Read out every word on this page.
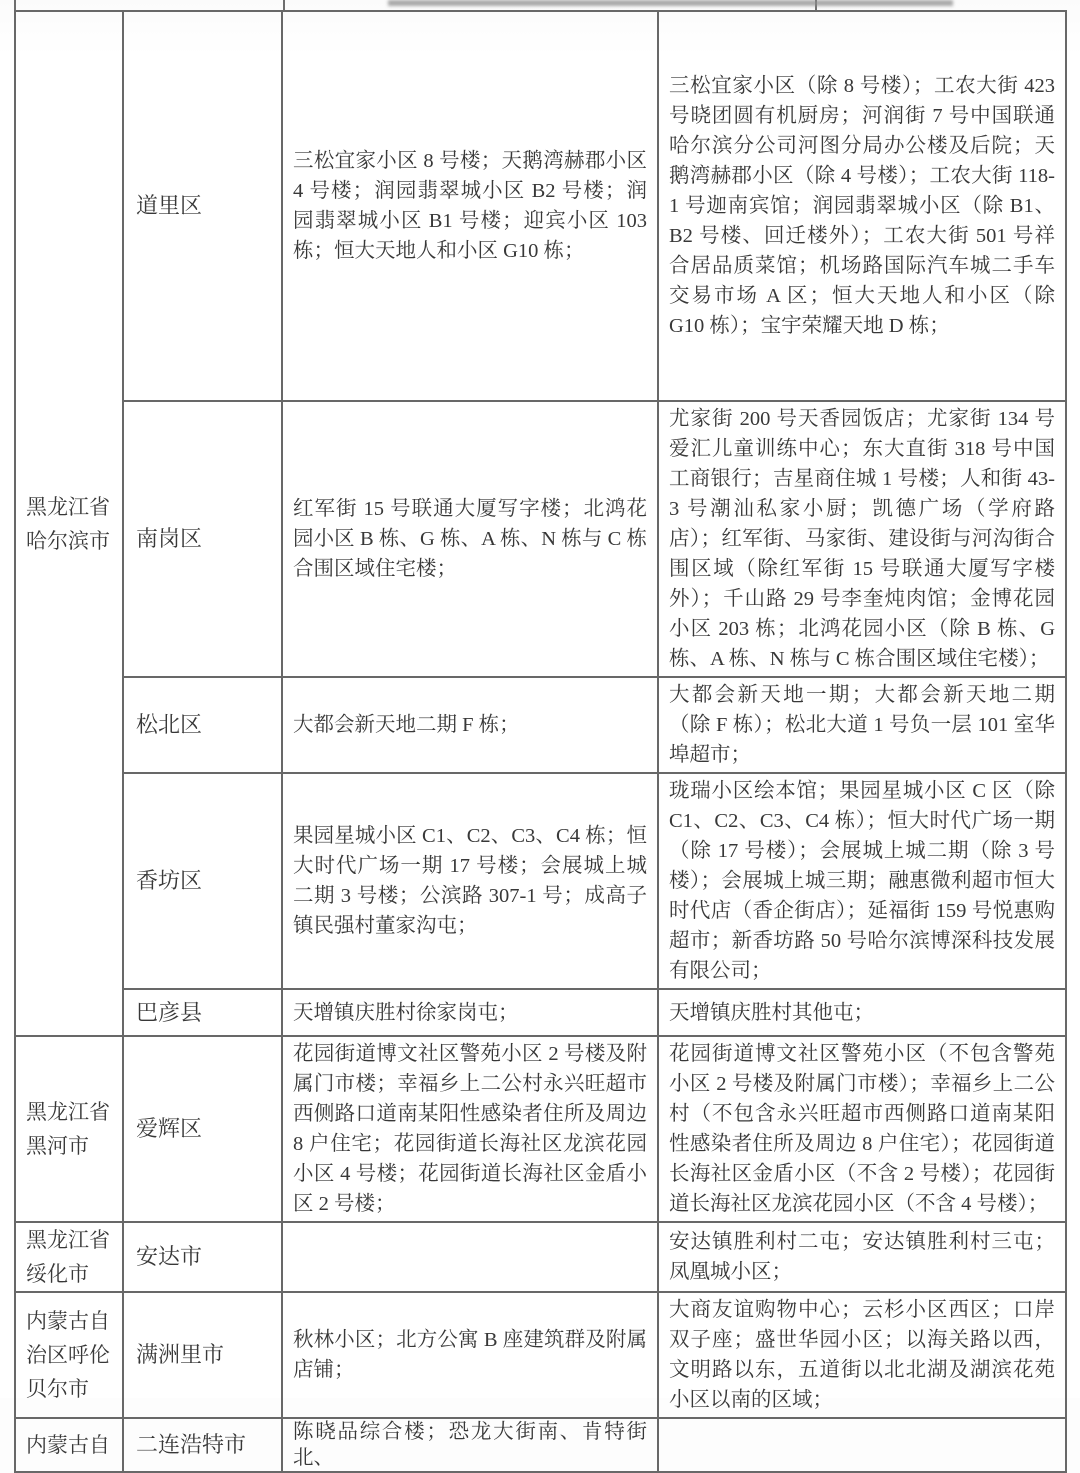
黑龙江省哈尔滨市	道里区	三松宜家小区 8 号楼；天鹅湾赫郡小区 4 号楼；润园翡翠城小区 B2 号楼；润园翡翠城小区 B1 号楼；迎宾小区 103 栋；恒大天地人和小区 G10 栋；	三松宜家小区（除 8 号楼）；工农大街 423 号晓团圆有机厨房；河润街 7 号中国联通哈尔滨分公司河图分局办公楼及后院；天鹅湾赫郡小区（除 4 号楼）；工农大街 118-1 号迦南宾馆；润园翡翠城小区（除 B1、B2 号楼、回迁楼外）；工农大街 501 号祥合居品质菜馆；机场路国际汽车城二手车交易市场 A 区；恒大天地人和小区（除 G10 栋）；宝宇荣耀天地 D 栋；
	南岗区	红军街 15 号联通大厦写字楼；北鸿花园小区 B 栋、G 栋、A 栋、N 栋与 C 栋合围区域住宅楼；	尤家街 200 号天香园饭店；尤家街 134 号爱汇儿童训练中心；东大直街 318 号中国工商银行；吉星商住城 1 号楼；人和街 43-3 号潮汕私家小厨；凯德广场（学府路店）；红军街、马家街、建设街与河沟街合围区域（除红军街 15 号联通大厦写字楼外）；千山路 29 号李奎炖肉馆；金博花园小区 203 栋；北鸿花园小区（除 B 栋、G 栋、A 栋、N 栋与 C 栋合围区域住宅楼）；
	松北区	大都会新天地二期 F 栋；	大都会新天地一期；大都会新天地二期（除 F 栋）；松北大道 1 号负一层 101 室华埠超市；
	香坊区	果园星城小区 C1、C2、C3、C4 栋；恒大时代广场一期 17 号楼；会展城上城二期 3 号楼；公滨路 307-1 号；成高子镇民强村董家沟屯；	珑瑞小区绘本馆；果园星城小区 C 区（除 C1、C2、C3、C4 栋）；恒大时代广场一期（除 17 号楼）；会展城上城二期（除 3 号楼）；会展城上城三期；融惠微利超市恒大时代店（香企街店）；延福街 159 号悦惠购超市；新香坊路 50 号哈尔滨博深科技发展有限公司；
	巴彦县	天增镇庆胜村徐家岗屯；	天增镇庆胜村其他屯；
黑龙江省黑河市	爱辉区	花园街道博文社区警苑小区 2 号楼及附属门市楼；幸福乡上二公村永兴旺超市西侧路口道南某阳性感染者住所及周边 8 户住宅；花园街道长海社区龙滨花园小区 4 号楼；花园街道长海社区金盾小区 2 号楼；	花园街道博文社区警苑小区（不包含警苑小区 2 号楼及附属门市楼）；幸福乡上二公村（不包含永兴旺超市西侧路口道南某阳性感染者住所及周边 8 户住宅）；花园街道长海社区金盾小区（不含 2 号楼）；花园街道长海社区龙滨花园小区（不含 4 号楼）；
黑龙江省绥化市	安达市		安达镇胜利村二屯；安达镇胜利村三屯；凤凰城小区；
内蒙古自治区呼伦贝尔市	满洲里市	秋林小区；北方公寓 B 座建筑群及附属店铺；	大商友谊购物中心；云杉小区西区；口岸双子座；盛世华园小区；以海关路以西，文明路以东，五道街以北北湖及湖滨花苑小区以南的区域；
内蒙古自	二连浩特市	陈晓品综合楼；恐龙大街南、肯特街北、	
